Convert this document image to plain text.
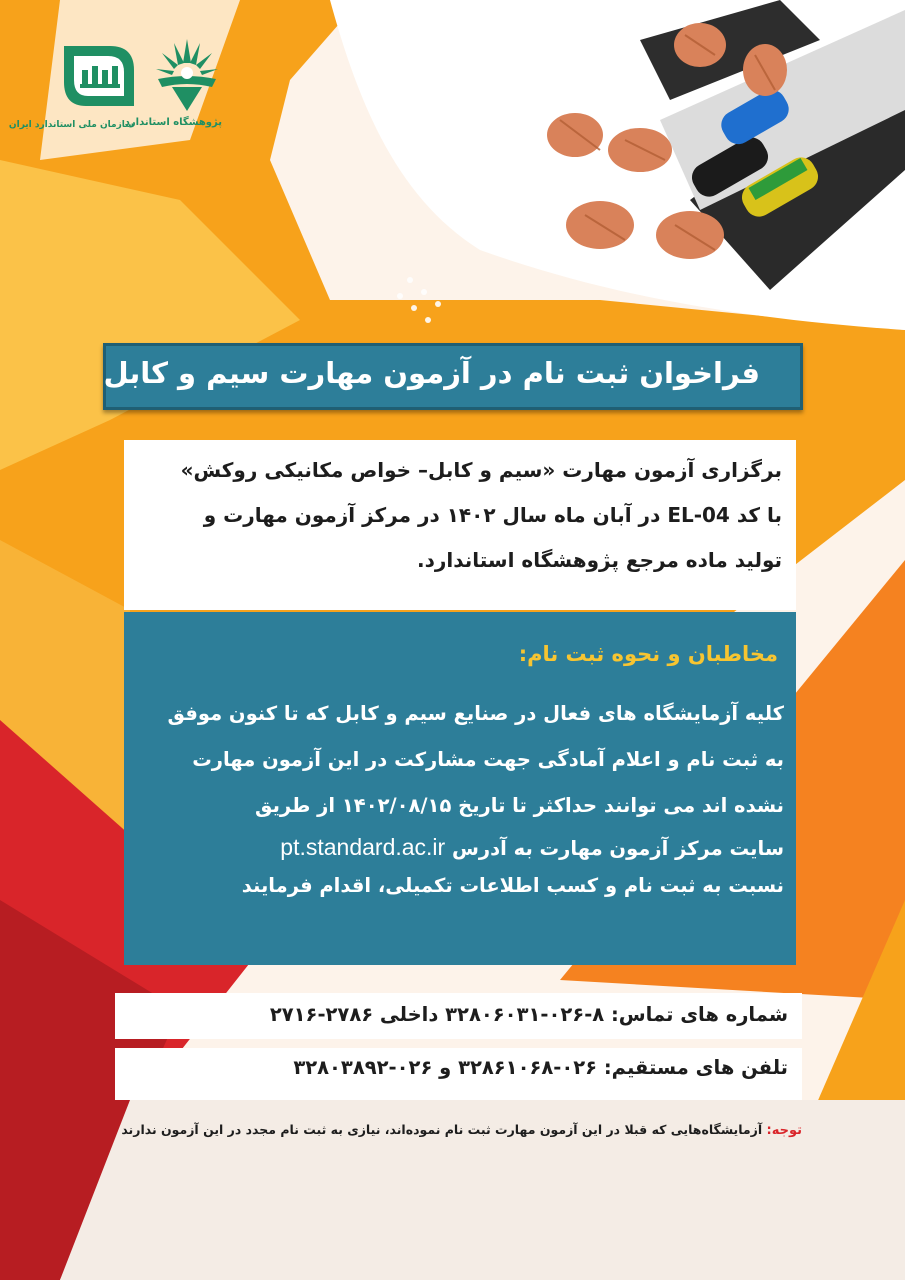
پژوهشگاه استاندارد
سازمان ملی استاندارد ایران
فراخوان ثبت نام در آزمون مهارت سیم و کابل

برگزاری آزمون مهارت «سیم و کابل– خواص مکانیکی روکش»

با کد EL-04 در آبان ماه سال ۱۴۰۲ در مرکز آزمون مهارت و

تولید ماده مرجع پژوهشگاه استاندارد.

مخاطبان و نحوه ثبت نام:
کلیه آزمایشگاه های فعال در صنایع سیم و کابل که تا کنون موفق
به ثبت نام و اعلام آمادگی جهت مشارکت در این آزمون مهارت
نشده اند می توانند حداکثر تا تاریخ ۱۴۰۲/۰۸/۱۵ از طریق
سایت مرکز آزمون مهارت به آدرس pt.standard.ac.ir
نسبت به ثبت نام و کسب اطلاعات تکمیلی، اقدام فرمایند
شماره های تماس: ۸-۰۲۶-۳۲۸۰۶۰۳۱ داخلی ۲۷۸۶-۲۷۱۶
تلفن های مستقیم: ۰۲۶-۳۲۸۶۱۰۶۸ و ۰۲۶-۳۲۸۰۳۸۹۲
توجه: آزمایشگاه‌هایی که قبلا در این آزمون مهارت ثبت نام نموده‌اند، نیازی به ثبت نام مجدد در این آزمون ندارند
